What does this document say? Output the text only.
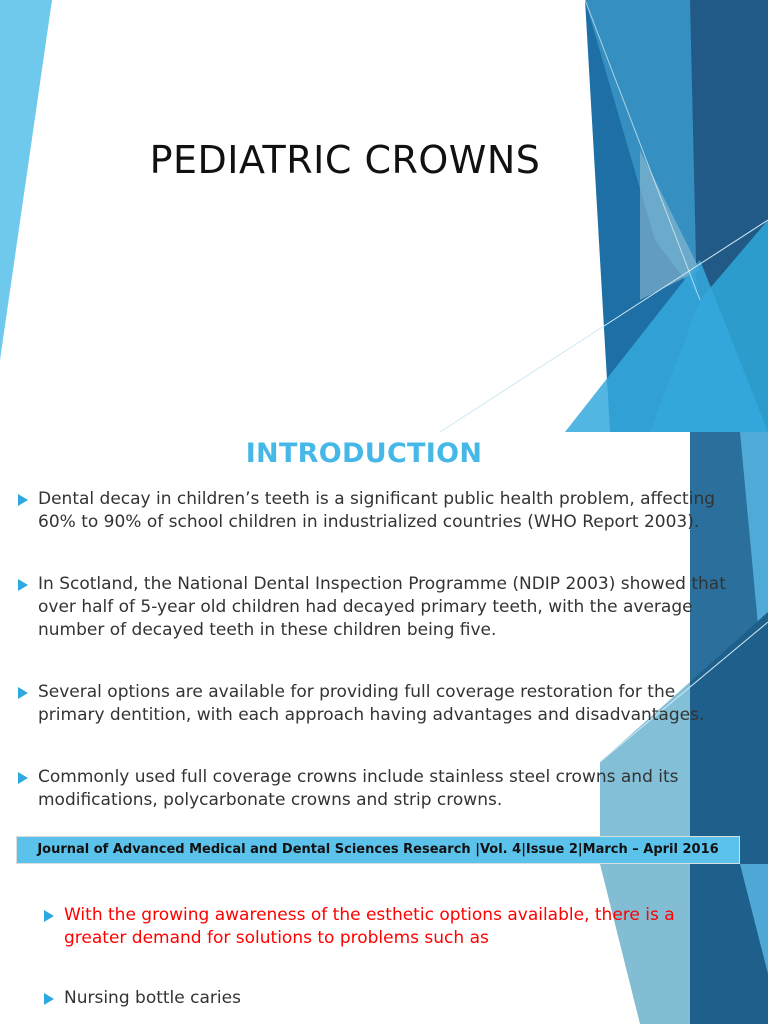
PEDIATRIC CROWNS
INTRODUCTION
Dental decay in children’s teeth is a significant public health problem, affecting 60% to 90% of school children in industrialized countries (WHO Report 2003).
In Scotland, the National Dental Inspection Programme (NDIP 2003) showed that over half of 5-year old children had decayed primary teeth, with the average number of decayed teeth in these children being five.
Several options are available for providing full coverage restoration for the primary dentition, with each approach having advantages and disadvantages.
Commonly used full coverage crowns include stainless steel crowns and its modifications, polycarbonate crowns and strip crowns.
Journal of Advanced Medical and Dental Sciences Research |Vol. 4|Issue 2|March – April 2016
With the growing awareness of the esthetic options available, there is a greater demand for solutions to problems such as
Nursing bottle caries
